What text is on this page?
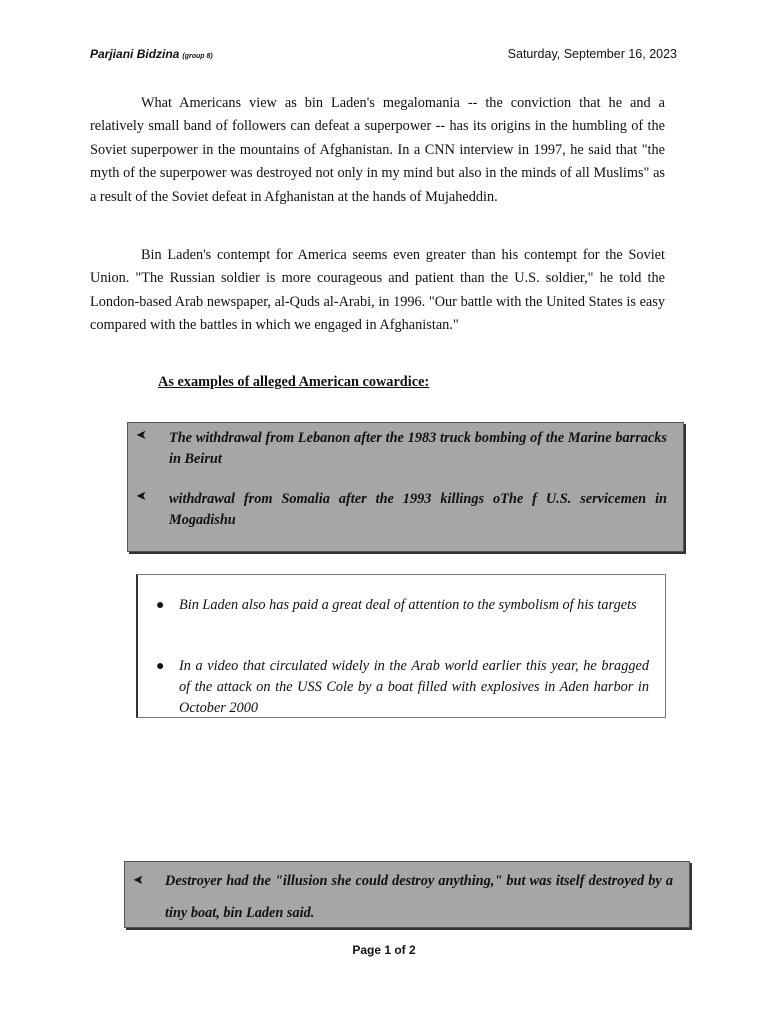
Parjiani Bidzina (group 8)	Saturday, September 16, 2023

What Americans view as bin Laden's megalomania -- the conviction that he and a relatively small band of followers can defeat a superpower -- has its origins in the humbling of the Soviet superpower in the mountains of Afghanistan. In a CNN interview in 1997, he said that "the myth of the superpower was destroyed not only in my mind but also in the minds of all Muslims" as a result of the Soviet defeat in Afghanistan at the hands of Mujaheddin.

Bin Laden's contempt for America seems even greater than his contempt for the Soviet Union. "The Russian soldier is more courageous and patient than the U.S. soldier," he told the London-based Arab newspaper, al-Quds al-Arabi, in 1996. "Our battle with the United States is easy compared with the battles in which we engaged in Afghanistan."

As examples of alleged American cowardice:

➤ The withdrawal from Lebanon after the 1983 truck bombing of the Marine barracks in Beirut

➤ withdrawal from Somalia after the 1993 killings oThe f U.S. servicemen in Mogadishu

● Bin Laden also has paid a great deal of attention to the symbolism of his targets

● In a video that circulated widely in the Arab world earlier this year, he bragged of the attack on the USS Cole by a boat filled with explosives in Aden harbor in October 2000

➤ Destroyer had the "illusion she could destroy anything," but was itself destroyed by a tiny boat, bin Laden said.

Page 1 of 2
